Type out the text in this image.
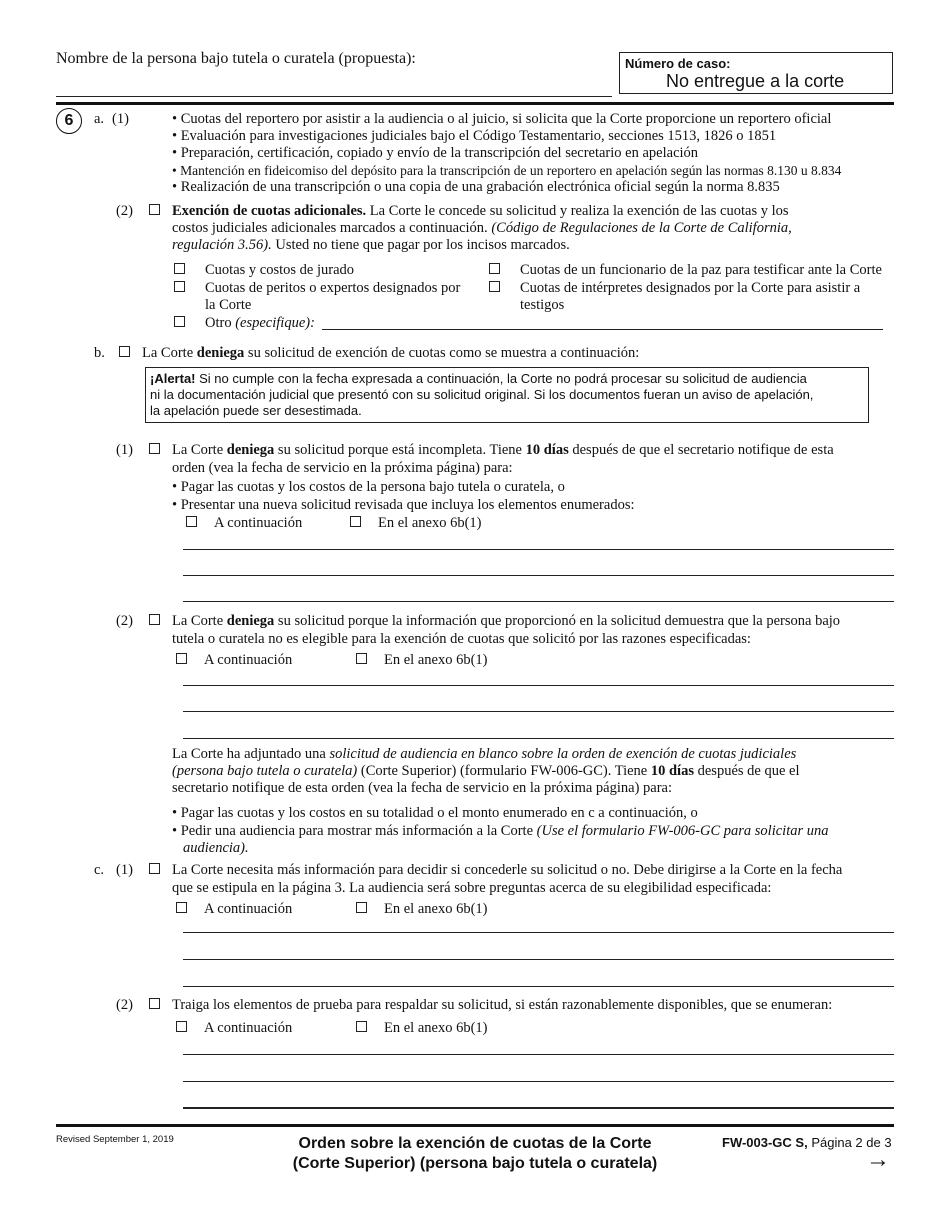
Nombre de la persona bajo tutela o curatela (propuesta):	Número de caso:
No entregue a la corte
6	a. (1)
•	Cuotas del reportero por asistir a la audiencia o al juicio, si solicita que la Corte proporcione un reportero oficial
• Evaluación para investigaciones judiciales bajo el Código Testamentario, secciones 1513, 1826 o 1851
• Preparación, certificación, copiado y envío de la transcripción del secretario en apelación
• Mantención en fideicomiso del depósito para la transcripción de un reportero en apelación según las normas 8.130 u 8.834
• Realización de una transcripción o una copia de una grabación electrónica oficial según la norma 8.835
(2)	Exención de cuotas adicionales. La Corte le concede su solicitud y realiza la exención de las cuotas y los
costos judiciales adicionales marcados a continuación. (Código de Regulaciones de la Corte de California,
regulación 3.56). Usted no tiene que pagar por los incisos marcados.
Cuotas y costos de jurado
Cuotas de peritos o expertos designados por
la Corte
Otro (especifique):
Cuotas de un funcionario de la paz para testificar ante la Corte
Cuotas de intérpretes designados por la Corte para asistir a
testigos
b.	La Corte deniega su solicitud de exención de cuotas como se muestra a continuación:
¡Alerta! Si no cumple con la fecha expresada a continuación, la Corte no podrá procesar su solicitud de audiencia
ni la documentación judicial que presentó con su solicitud original. Si los documentos fueran un aviso de apelación,
la apelación puede ser desestimada.
(1)	La Corte deniega su solicitud porque está incompleta. Tiene 10 días después de que el secretario notifique de esta
orden (vea la fecha de servicio en la próxima página) para:
• Pagar las cuotas y los costos de la persona bajo tutela o curatela, o
• Presentar una nueva solicitud revisada que incluya los elementos enumerados:
A continuación	En el anexo 6b(1)
(2)	La Corte deniega su solicitud porque la información que proporcionó en la solicitud demuestra que la persona bajo
tutela o curatela no es elegible para la exención de cuotas que solicitó por las razones especificadas:
A continuación	En el anexo 6b(1)
La Corte ha adjuntado una solicitud de audiencia en blanco sobre la orden de exención de cuotas judiciales
(persona bajo tutela o curatela) (Corte Superior) (formulario FW-006-GC). Tiene 10 días después de que el
secretario notifique de esta orden (vea la fecha de servicio en la próxima página) para:
• Pagar las cuotas y los costos en su totalidad o el monto enumerado en c a continuación, o
• Pedir una audiencia para mostrar más información a la Corte (Use el formulario FW-006-GC para solicitar una
audiencia).
c. (1)	La Corte necesita más información para decidir si concederle su solicitud o no. Debe dirigirse a la Corte en la fecha
que se estipula en la página 3. La audiencia será sobre preguntas acerca de su elegibilidad especificada:
A continuación	En el anexo 6b(1)
(2)	Traiga los elementos de prueba para respaldar su solicitud, si están razonablemente disponibles, que se enumeran:
A continuación	En el anexo 6b(1)
Revised September 1, 2019	Orden sobre la exención de cuotas de la Corte
(Corte Superior) (persona bajo tutela o curatela)
FW-003-GC S, Página 2 de 3
→
